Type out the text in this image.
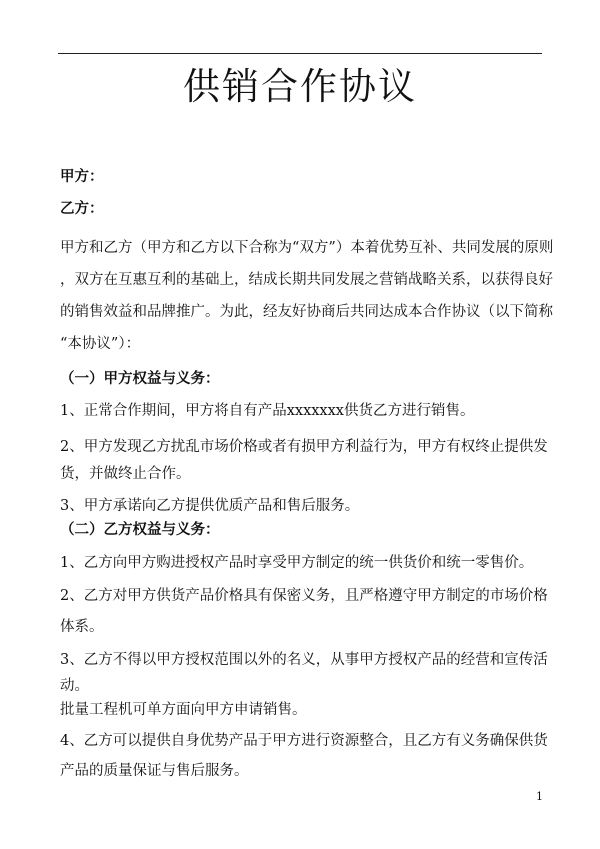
供销合作协议
甲方：
乙方：
甲方和乙方（甲方和乙方以下合称为“双方”）本着优势互补、共同发展的原则
，双方在互惠互利的基础上，结成长期共同发展之营销战略关系，以获得良好
的销售效益和品牌推广。为此，经友好协商后共同达成本合作协议（以下简称
“本协议”）：
（一）甲方权益与义务：
1、正常合作期间，甲方将自有产品xxxxxxx供货乙方进行销售。
2、甲方发现乙方扰乱市场价格或者有损甲方利益行为，甲方有权终止提供发
货，并做终止合作。
3、甲方承诺向乙方提供优质产品和售后服务。
（二）乙方权益与义务：
1、乙方向甲方购进授权产品时享受甲方制定的统一供货价和统一零售价。
2、乙方对甲方供货产品价格具有保密义务，且严格遵守甲方制定的市场价格
体系。
3、乙方不得以甲方授权范围以外的名义，从事甲方授权产品的经营和宣传活
动。
批量工程机可单方面向甲方申请销售。
4、乙方可以提供自身优势产品于甲方进行资源整合，且乙方有义务确保供货
产品的质量保证与售后服务。
1
